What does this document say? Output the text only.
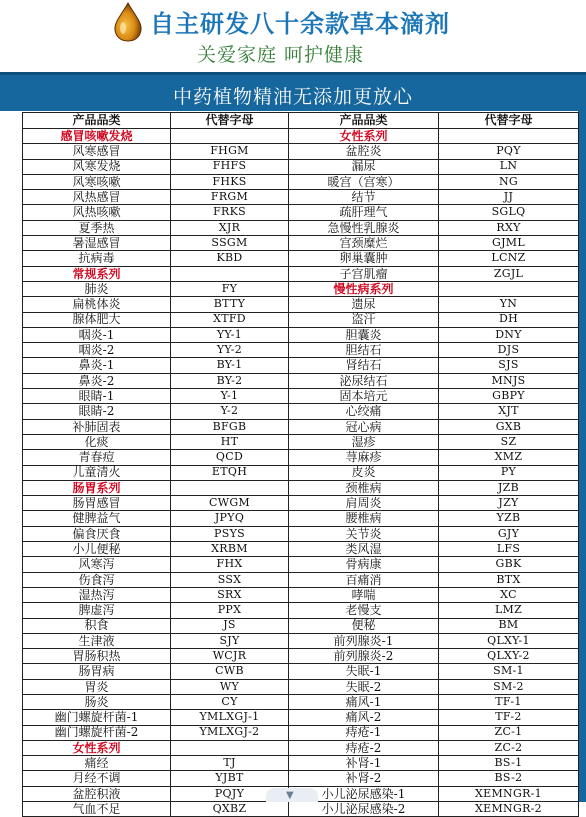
自主研发八十余款草本滴剂
关爱家庭 呵护健康
中药植物精油无添加更放心
产品品类	代替字母	产品品类	代替字母
感冒咳嗽发烧		女性系列	
风寒感冒	FHGM	盆腔炎	PQY
风寒发烧	FHFS	漏尿	LN
风寒咳嗽	FHKS	暖宫（宫寒）	NG
风热感冒	FRGM	结节	JJ
风热咳嗽	FRKS	疏肝理气	SGLQ
夏季热	XJR	急慢性乳腺炎	RXY
暑湿感冒	SSGM	宫颈糜烂	GJML
抗病毒	KBD	卵巢囊肿	LCNZ
常规系列		子宫肌瘤	ZGJL
肺炎	FY	慢性病系列	
扁桃体炎	BTTY	遗尿	YN
腺体肥大	XTFD	盗汗	DH
咽炎-1	YY-1	胆囊炎	DNY
咽炎-2	YY-2	胆结石	DJS
鼻炎-1	BY-1	肾结石	SJS
鼻炎-2	BY-2	泌尿结石	MNJS
眼睛-1	Y-1	固本培元	GBPY
眼睛-2	Y-2	心绞痛	XJT
补肺固表	BFGB	冠心病	GXB
化痰	HT	湿疹	SZ
青春痘	QCD	荨麻疹	XMZ
儿童清火	ETQH	皮炎	PY
肠胃系列		颈椎病	JZB
肠胃感冒	CWGM	肩周炎	JZY
健脾益气	JPYQ	腰椎病	YZB
偏食厌食	PSYS	关节炎	GJY
小儿便秘	XRBM	类风湿	LFS
风寒泻	FHX	骨病康	GBK
伤食泻	SSX	百痛消	BTX
湿热泻	SRX	哮喘	XC
脾虚泻	PPX	老慢支	LMZ
积食	JS	便秘	BM
生津液	SJY	前列腺炎-1	QLXY-1
胃肠积热	WCJR	前列腺炎-2	QLXY-2
肠胃病	CWB	失眠-1	SM-1
胃炎	WY	失眠-2	SM-2
肠炎	CY	痛风-1	TF-1
幽门螺旋杆菌-1	YMLXGJ-1	痛风-2	TF-2
幽门螺旋杆菌-2	YMLXGJ-2	痔疮-1	ZC-1
女性系列		痔疮-2	ZC-2
痛经	TJ	补肾-1	BS-1
月经不调	YJBT	补肾-2	BS-2
盆腔积液	PQJY	小儿泌尿感染-1	XEMNGR-1
气血不足	QXBZ	小儿泌尿感染-2	XEMNGR-2
▼
